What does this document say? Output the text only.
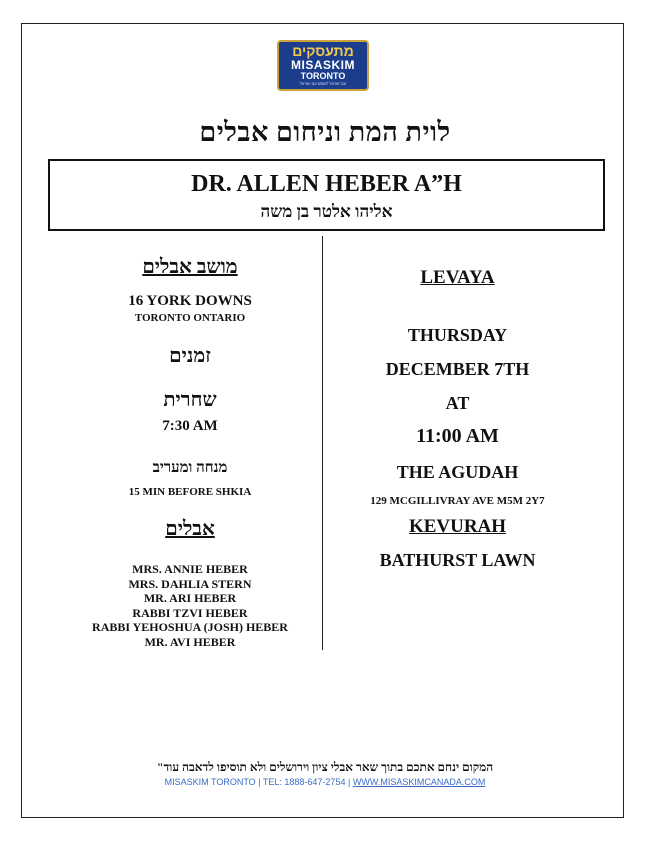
מתעסקים
MISASKIM
TORONTO
עם ישראל לשמש עם ישראל
לוית המת וניחום אבלים
DR. ALLEN HEBER A”H
אליהו אלטר בן משה
מושב אבלים
16 YORK DOWNS
TORONTO ONTARIO
זמנים
שחרית
7:30 AM
מנחה ומעריב
15 MIN BEFORE SHKIA
אבלים
MRS. ANNIE HEBER
MRS. DAHLIA STERN
MR. ARI HEBER
RABBI TZVI HEBER
RABBI YEHOSHUA (JOSH) HEBER
MR. AVI HEBER
LEVAYA
THURSDAY
DECEMBER 7TH
AT
11:00 AM
THE AGUDAH
129 MCGILLIVRAY AVE M5M 2Y7
KEVURAH
BATHURST LAWN
המקום ינחם אתכם בתוך שאר אבלי ציון וירושלים ולא תוסיפו לדאבה עוד"
MISASKIM TORONTO | TEL: 1888-647-2754 | WWW.MISASKIMCANADA.COM
